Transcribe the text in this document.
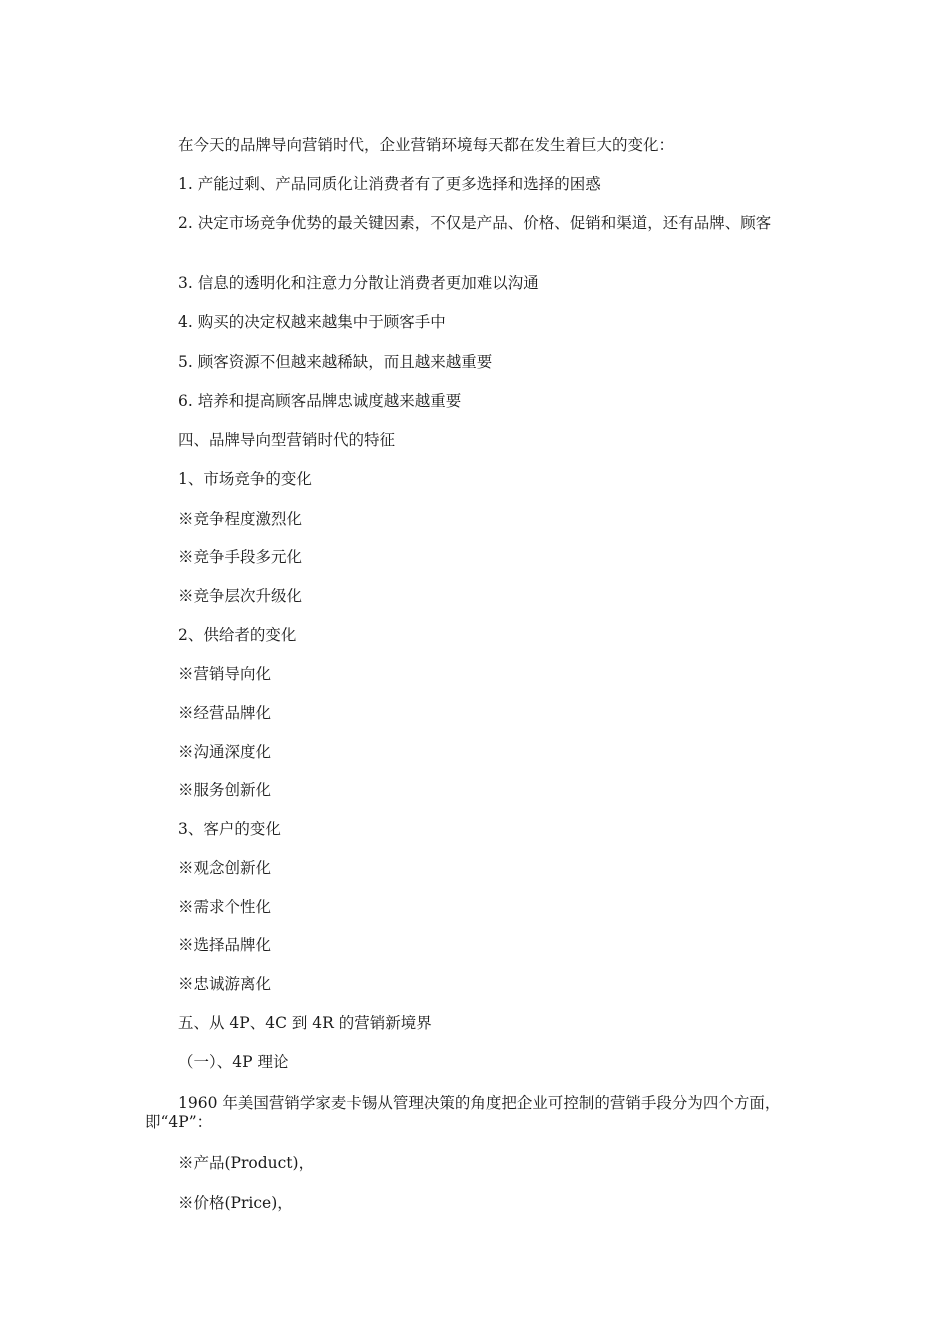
在今天的品牌导向营销时代，企业营销环境每天都在发生着巨大的变化：
1. 产能过剩、产品同质化让消费者有了更多选择和选择的困惑
2. 决定市场竞争优势的最关键因素，不仅是产品、价格、促销和渠道，还有品牌、顾客
3. 信息的透明化和注意力分散让消费者更加难以沟通
4. 购买的决定权越来越集中于顾客手中
5. 顾客资源不但越来越稀缺，而且越来越重要
6. 培养和提高顾客品牌忠诚度越来越重要
四、品牌导向型营销时代的特征
1、市场竞争的变化
※竞争程度激烈化
※竞争手段多元化
※竞争层次升级化
2、供给者的变化
※营销导向化
※经营品牌化
※沟通深度化
※服务创新化
3、客户的变化
※观念创新化
※需求个性化
※选择品牌化
※忠诚游离化
五、从 4P、4C 到 4R 的营销新境界
（一）、4P 理论
1960 年美国营销学家麦卡锡从管理决策的角度把企业可控制的营销手段分为四个方面，即“4P”：
※产品(Product)，
※价格(Price)，
